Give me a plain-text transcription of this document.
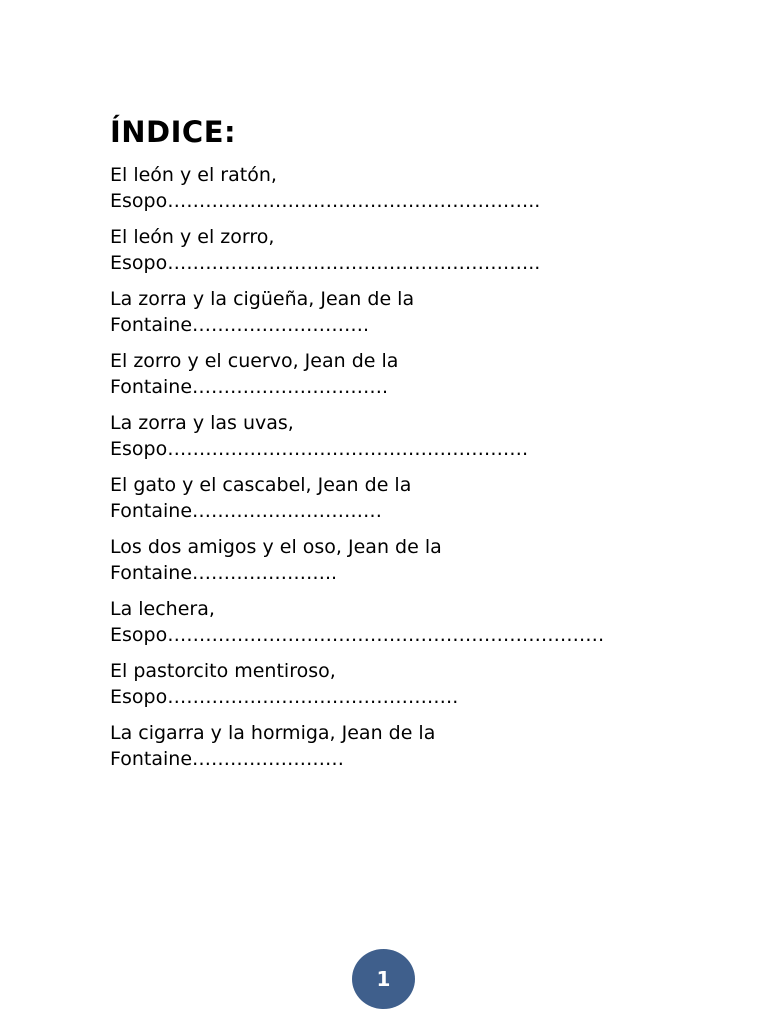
ÍNDICE:
El león y el ratón,
Esopo…………………………………………………..
El león y el zorro,
Esopo…………………………………………………..
La zorra y la cigüeña, Jean de la
Fontaine……………………….
El zorro y el cuervo, Jean de la
Fontaine………………………….
La zorra y las uvas,
Esopo…………………………………………………
El gato y el cascabel, Jean de la
Fontaine…………………………
Los dos amigos y el oso, Jean de la
Fontaine…………………..
La lechera,
Esopo……………………………………………………………
El pastorcito mentiroso,
Esopo……………………………………….
La cigarra y la hormiga, Jean de la
Fontaine……………………
1
